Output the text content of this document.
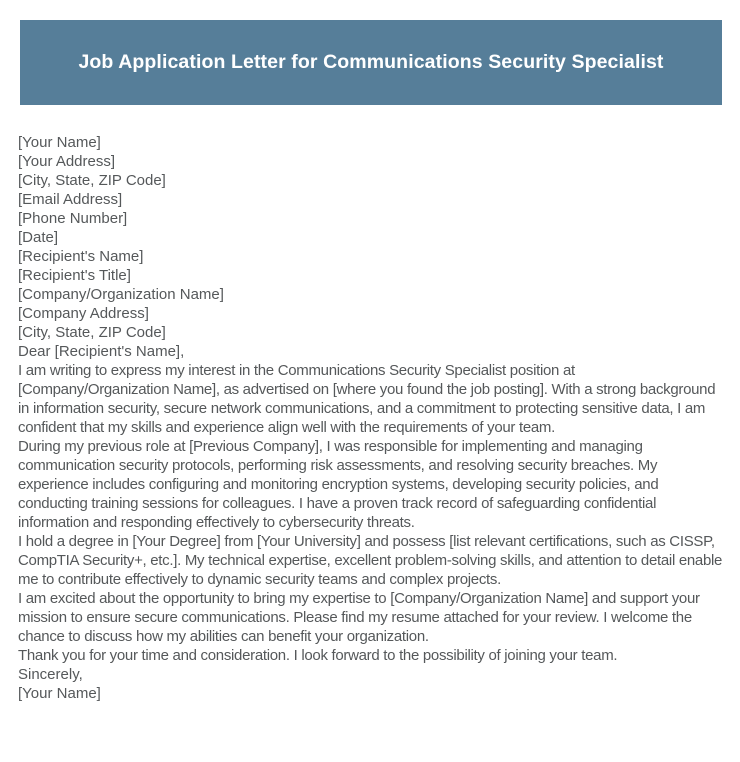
Job Application Letter for Communications Security Specialist
[Your Name]
[Your Address]
[City, State, ZIP Code]
[Email Address]
[Phone Number]
[Date]
[Recipient's Name]
[Recipient's Title]
[Company/Organization Name]
[Company Address]
[City, State, ZIP Code]
Dear [Recipient's Name],

I am writing to express my interest in the Communications Security Specialist position at [Company/Organization Name], as advertised on [where you found the job posting]. With a strong background in information security, secure network communications, and a commitment to protecting sensitive data, I am confident that my skills and experience align well with the requirements of your team.

During my previous role at [Previous Company], I was responsible for implementing and managing communication security protocols, performing risk assessments, and resolving security breaches. My experience includes configuring and monitoring encryption systems, developing security policies, and conducting training sessions for colleagues. I have a proven track record of safeguarding confidential information and responding effectively to cybersecurity threats.

I hold a degree in [Your Degree] from [Your University] and possess [list relevant certifications, such as CISSP, CompTIA Security+, etc.]. My technical expertise, excellent problem-solving skills, and attention to detail enable me to contribute effectively to dynamic security teams and complex projects.

I am excited about the opportunity to bring my expertise to [Company/Organization Name] and support your mission to ensure secure communications. Please find my resume attached for your review. I welcome the chance to discuss how my abilities can benefit your organization.

Thank you for your time and consideration. I look forward to the possibility of joining your team.

Sincerely,
[Your Name]
